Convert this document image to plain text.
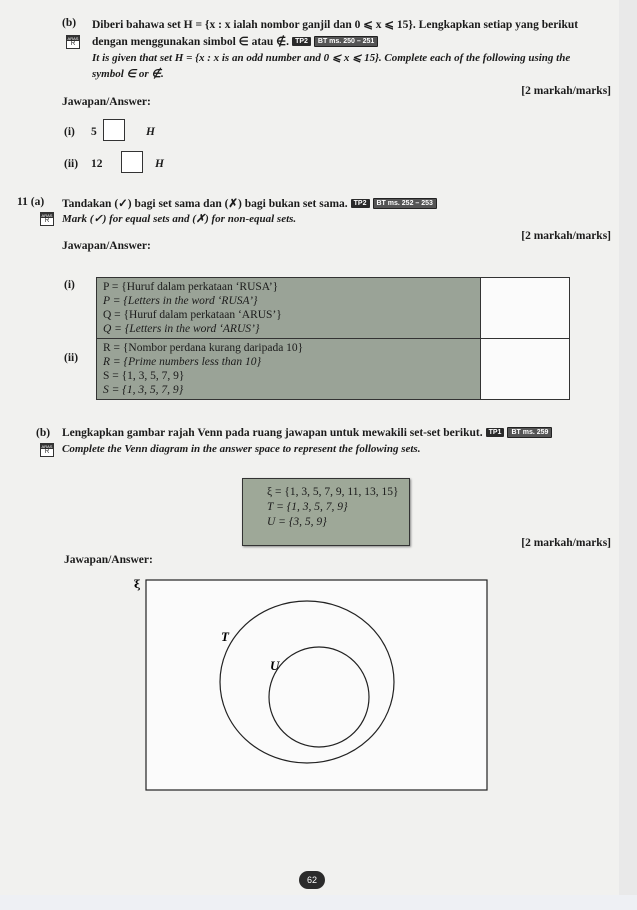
(b) Diberi bahawa set H = {x : x ialah nombor ganjil dan 0 ⩽ x ⩽ 15}. Lengkapkan setiap yang berikut
ARAS
R	dengan menggunakan simbol ∈ atau ∉. TP2 BT ms. 250 – 251
It is given that set H = {x : x is an odd number and 0 ⩽ x ⩽ 15}. Complete each of the following using the
symbol ∈ or ∉.
[2 markah/marks]
Jawapan/Answer:
(i) 5	H
(ii) 12	H
11 (a) Tandakan (✓) bagi set sama dan (✗) bagi bukan set sama. TP2 BT ms. 252 – 253
ARAS
R	Mark (✓) for equal sets and (✗) for non-equal sets.
[2 markah/marks]
Jawapan/Answer:
(i)
(ii)
P = {Huruf dalam perkataan ‘RUSA’}
P = {Letters in the word ‘RUSA’}
Q = {Huruf dalam perkataan ‘ARUS’}
Q = {Letters in the word ‘ARUS’}	

R = {Nombor perdana kurang daripada 10}
R = {Prime numbers less than 10}
S = {1, 3, 5, 7, 9}
S = {1, 3, 5, 7, 9}	

(b) Lengkapkan gambar rajah Venn pada ruang jawapan untuk mewakili set-set berikut. TP1 BT ms. 259
ARAS
R	Complete the Venn diagram in the answer space to represent the following sets.
ξ = {1, 3, 5, 7, 9, 11, 13, 15}
T = {1, 3, 5, 7, 9}
U = {3, 5, 9}
[2 markah/marks]
Jawapan/Answer:
ξ
T
U
62
